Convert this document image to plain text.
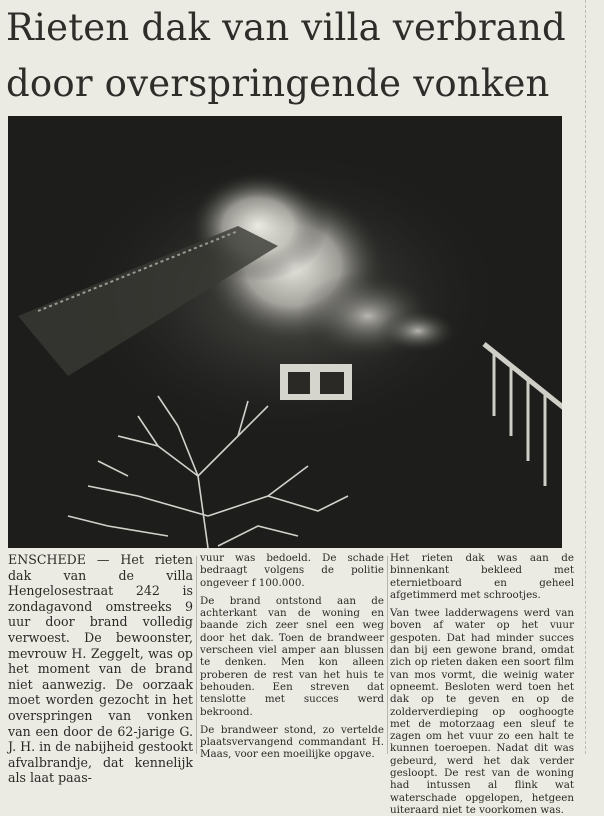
Rieten dak van villa verbrand
door overspringende vonken

ENSCHEDE — Het rieten dak van de villa Hengelosestraat 242 is zondagavond omstreeks 9 uur door brand volledig verwoest. De bewoonster, mevrouw H. Zeggelt, was op het moment van de brand niet aanwezig. De oorzaak moet worden gezocht in het overspringen van vonken van een door de 62-jarige G. J. H. in de nabijheid gestookt afvalbrandje, dat kennelijk als laat paas-

vuur was bedoeld. De schade bedraagt volgens de politie ongeveer f 100.000.

De brand ontstond aan de achterkant van de woning en baande zich zeer snel een weg door het dak. Toen de brandweer verscheen viel amper aan blussen te denken. Men kon alleen proberen de rest van het huis te behouden. Een streven dat tenslotte met succes werd bekroond.

De brandweer stond, zo vertelde plaatsvervangend commandant H. Maas, voor een moeilijke opgave.

Het rieten dak was aan de binnenkant bekleed met eternietboard en geheel afgetimmerd met schrootjes.

Van twee ladderwagens werd van boven af water op het vuur gespoten. Dat had minder succes dan bij een gewone brand, omdat zich op rieten daken een soort film van mos vormt, die weinig water opneemt. Besloten werd toen het dak op te geven en op de zolderverdieping op ooghoogte met de motorzaag een sleuf te zagen om het vuur zo een halt te kunnen toeroepen. Nadat dit was gebeurd, werd het dak verder gesloopt. De rest van de woning had intussen al flink wat waterschade opgelopen, hetgeen uiteraard niet te voorkomen was.
